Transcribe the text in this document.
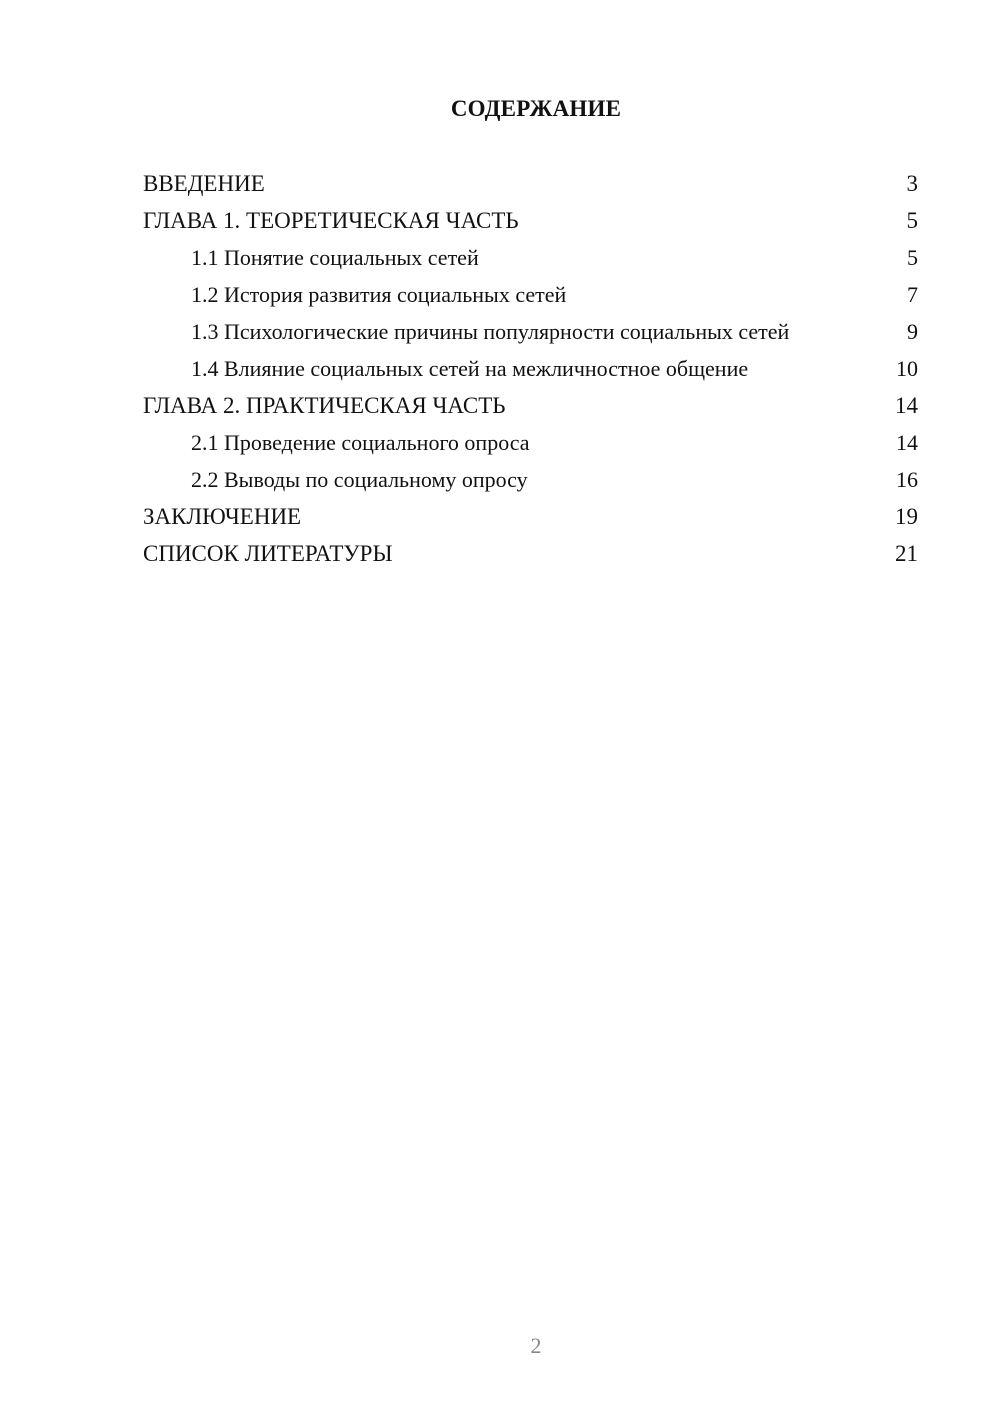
СОДЕРЖАНИЕ
ВВЕДЕНИЕ	3
ГЛАВА 1. ТЕОРЕТИЧЕСКАЯ ЧАСТЬ	5
1.1 Понятие социальных сетей	5
1.2 История развития социальных сетей	7
1.3 Психологические причины популярности социальных сетей	9
1.4 Влияние социальных сетей на межличностное общение	10
ГЛАВА 2. ПРАКТИЧЕСКАЯ ЧАСТЬ	14
2.1 Проведение социального опроса	14
2.2 Выводы по социальному опросу	16
ЗАКЛЮЧЕНИЕ	19
СПИСОК ЛИТЕРАТУРЫ	21
2
